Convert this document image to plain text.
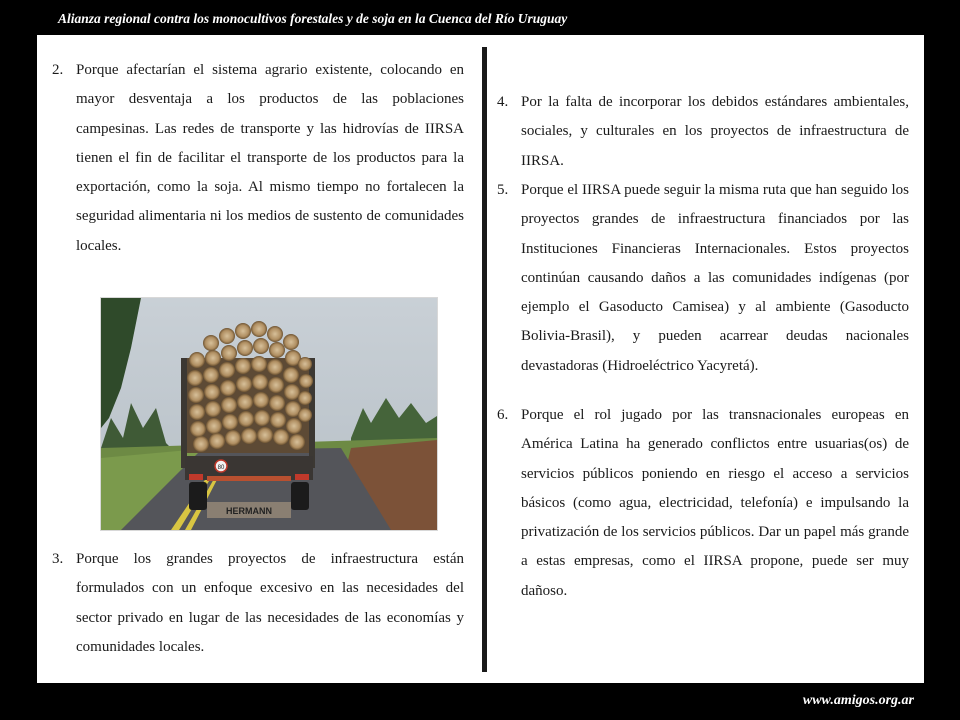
Alianza regional contra los monocultivos forestales y de soja en la Cuenca del Río Uruguay
2. Porque afectarían el sistema agrario existente, colocando en mayor desventaja a los productos de las poblaciones campesinas. Las redes de transporte y las hidrovías de IIRSA tienen el fin de facilitar el transporte de los productos para la exportación, como la soja. Al mismo tiempo no fortalecen la seguridad alimentaria ni los medios de sustento de comunidades locales.
80
HERMANN
3. Porque los grandes proyectos de infraestructura están formulados con un enfoque excesivo en las necesidades del sector privado en lugar de las necesidades de las economías y comunidades locales.
4. Por la falta de incorporar los debidos estándares ambientales, sociales, y culturales en los proyectos de infraestructura de IIRSA.
5. Porque el IIRSA puede seguir la misma ruta que han seguido los proyectos grandes de infraestructura financiados por las Instituciones Financieras Internacionales. Estos proyectos continúan causando daños a las comunidades indígenas (por ejemplo el Gasoducto Camisea) y al ambiente (Gasoducto Bolivia-Brasil), y pueden acarrear deudas nacionales devastadoras (Hidroeléctrico Yacyretá).
6. Porque el rol jugado por las transnacionales europeas en América Latina ha generado conflictos entre usuarias(os) de servicios públicos poniendo en riesgo el acceso a servicios básicos (como agua, electricidad, telefonía) e impulsando la privatización de los servicios públicos. Dar un papel más grande a estas empresas, como el IIRSA propone, puede ser muy dañoso.
www.amigos.org.ar
